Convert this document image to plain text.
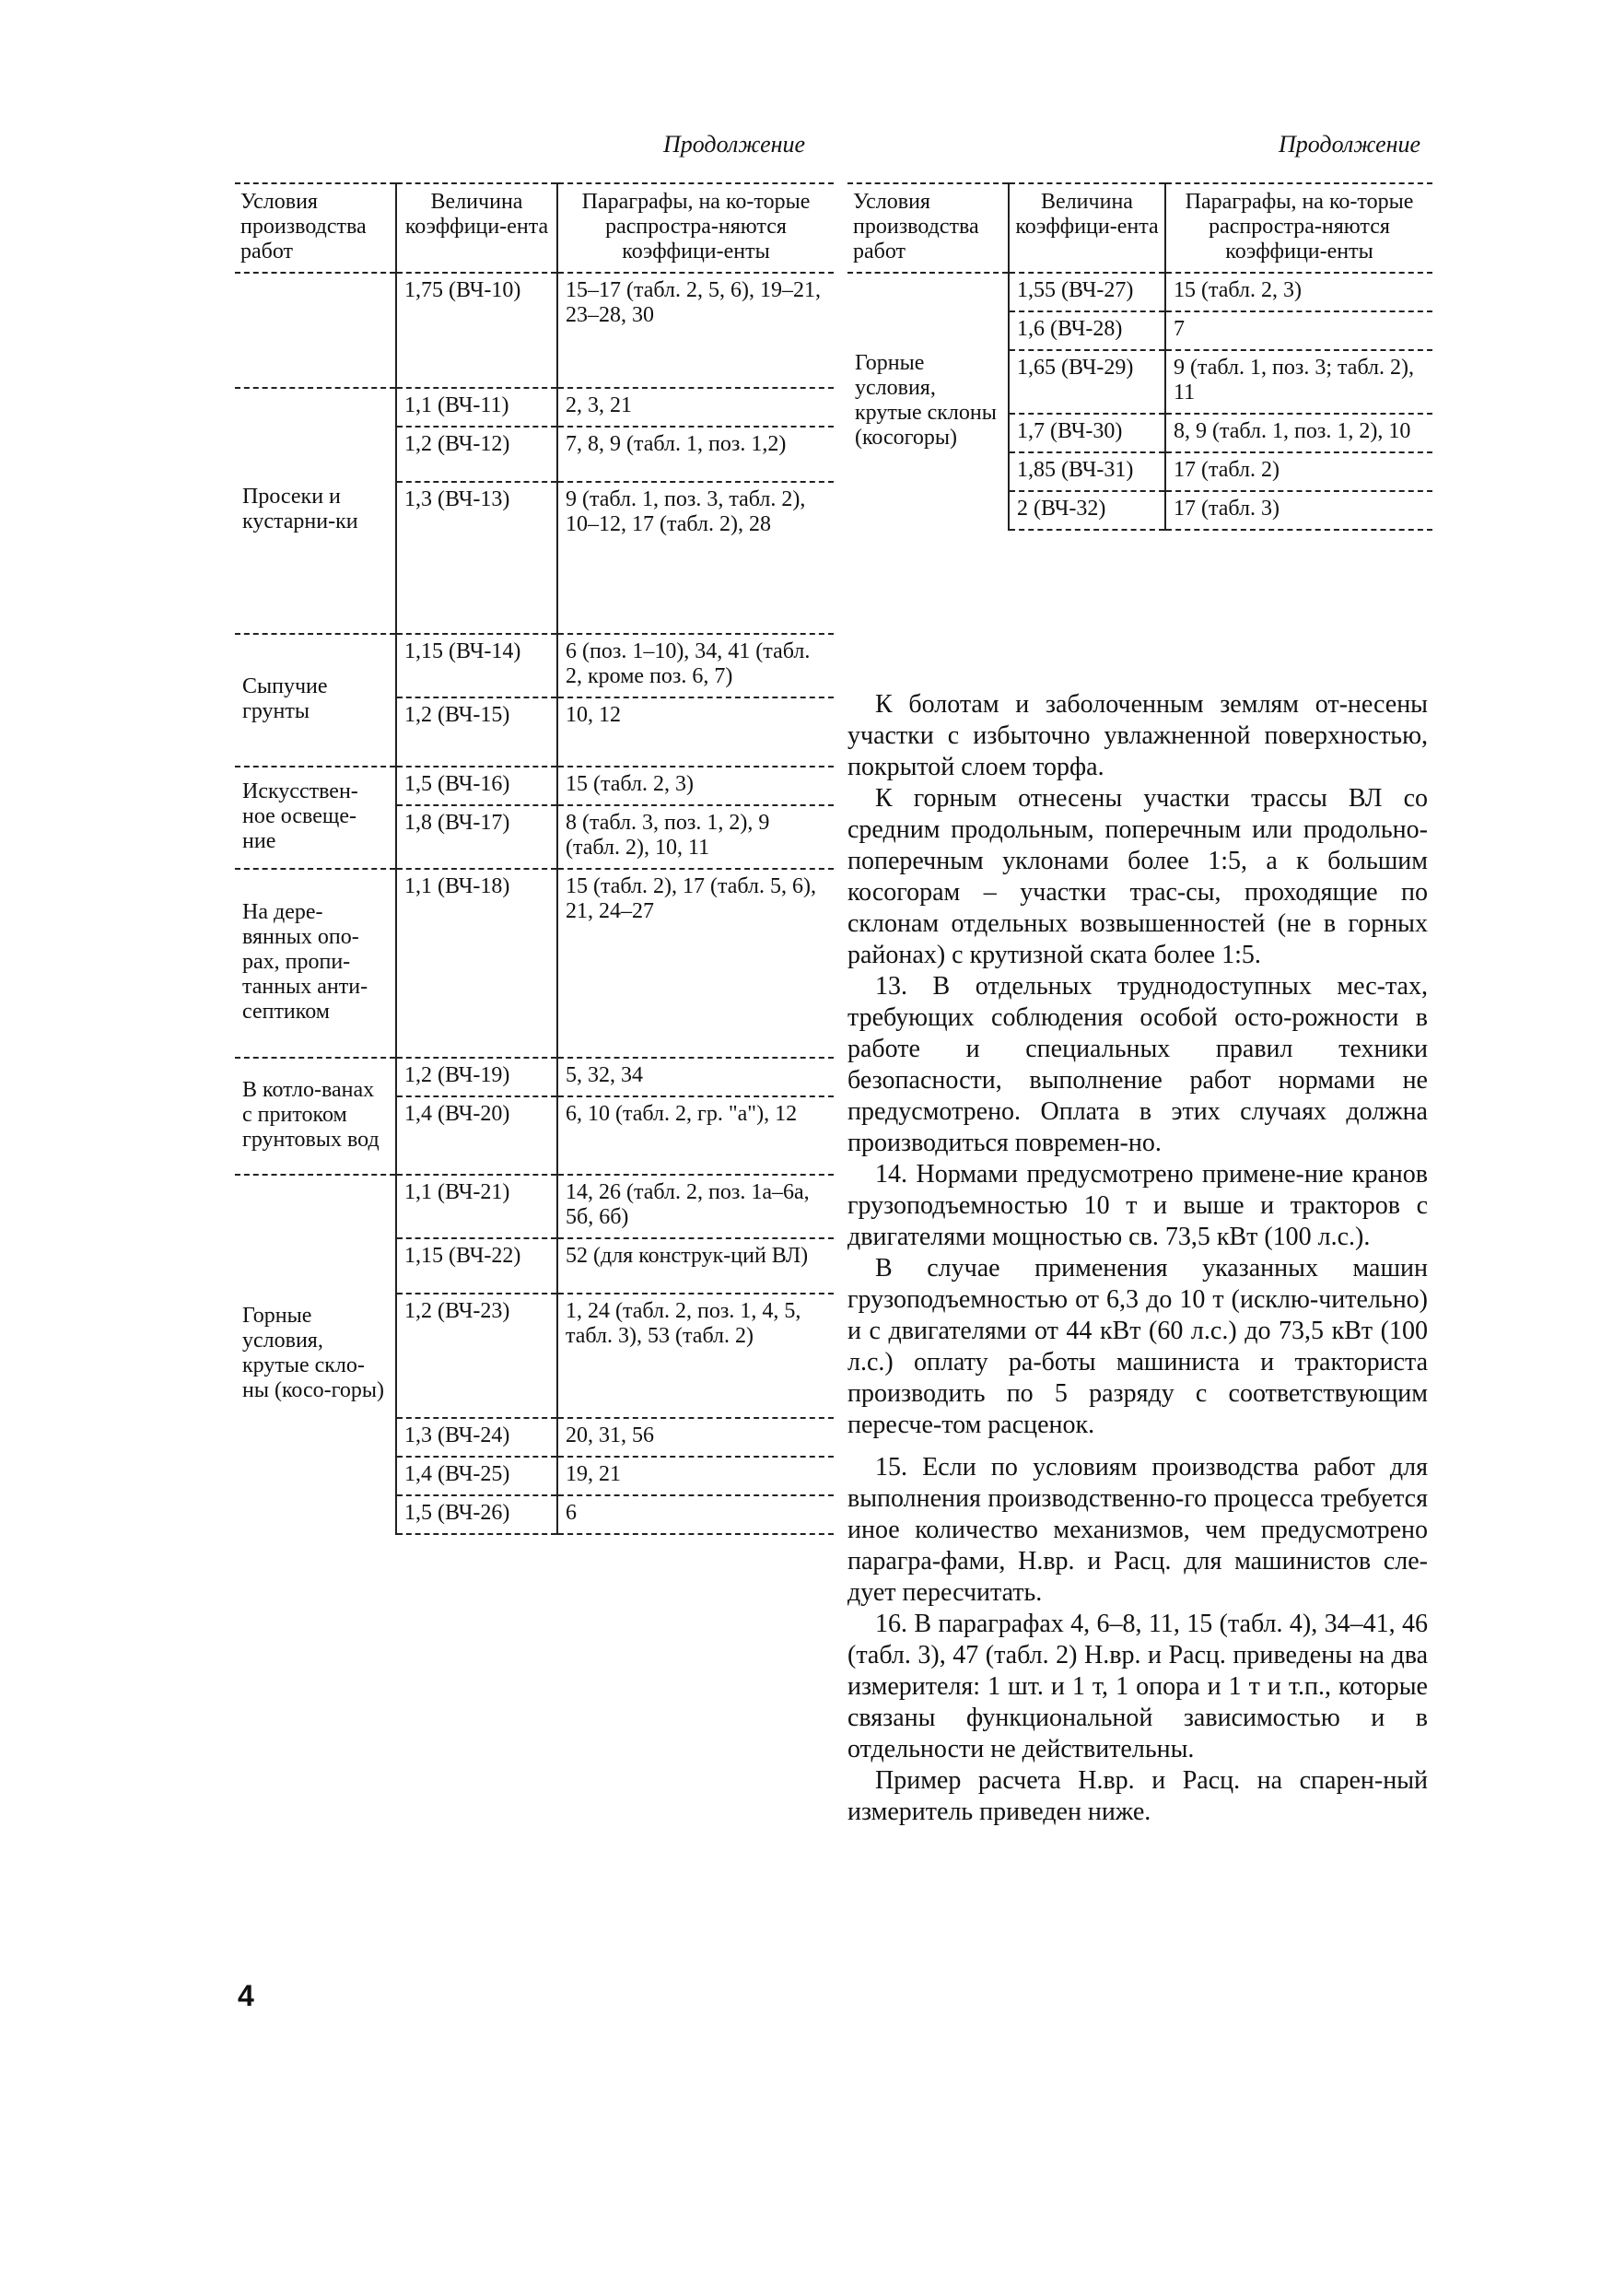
Продолжение	Продолжение
Условия производства работ	Величина коэффици-ента	Параграфы, на ко-торые распростра-няются коэффици-енты
	1,75 (ВЧ-10)	15–17 (табл. 2, 5, 6), 19–21, 23–28, 30
Просеки и кустарни-ки	1,1 (ВЧ-11)	2, 3, 21
	1,2 (ВЧ-12)	7, 8, 9 (табл. 1, поз. 1,2)
	1,3 (ВЧ-13)	9 (табл. 1, поз. 3, табл. 2), 10–12, 17 (табл. 2), 28
Сыпучие грунты	1,15 (ВЧ-14)	6 (поз. 1–10), 34, 41 (табл. 2, кроме поз. 6, 7)
	1,2 (ВЧ-15)	10, 12
Искусствен-ное освеще-ние	1,5 (ВЧ-16)	15 (табл. 2, 3)
	1,8 (ВЧ-17)	8 (табл. 3, поз. 1, 2), 9 (табл. 2), 10, 11
На дере-вянных опо-рах, пропи-танных анти-септиком	1,1 (ВЧ-18)	15 (табл. 2), 17 (табл. 5, 6), 21, 24–27
В котло-ванах с притоком грунтовых вод	1,2 (ВЧ-19)	5, 32, 34
	1,4 (ВЧ-20)	6, 10 (табл. 2, гр. "а"), 12
Горные условия, крутые скло-ны (косо-горы)	1,1 (ВЧ-21)	14, 26 (табл. 2, поз. 1а–6а, 5б, 6б)
	1,15 (ВЧ-22)	52 (для конструк-ций ВЛ)
	1,2 (ВЧ-23)	1, 24 (табл. 2, поз. 1, 4, 5, табл. 3), 53 (табл. 2)
	1,3 (ВЧ-24)	20, 31, 56
	1,4 (ВЧ-25)	19, 21
	1,5 (ВЧ-26)	6
Условия производства работ	Величина коэффици-ента	Параграфы, на ко-торые распростра-няются коэффици-енты
Горные условия, крутые склоны (косогоры)	1,55 (ВЧ-27)	15 (табл. 2, 3)
	1,6 (ВЧ-28)	7
	1,65 (ВЧ-29)	9 (табл. 1, поз. 3; табл. 2), 11
	1,7 (ВЧ-30)	8, 9 (табл. 1, поз. 1, 2), 10
	1,85 (ВЧ-31)	17 (табл. 2)
	2 (ВЧ-32)	17 (табл. 3)

К болотам и заболоченным землям от-несены участки с избыточно увлажненной поверхностью, покрытой слоем торфа.

К горным отнесены участки трассы ВЛ со средним продольным, поперечным или продольно-поперечным уклонами более 1:5, а к большим косогорам – участки трас-сы, проходящие по склонам отдельных возвышенностей (не в горных районах) с крутизной ската более 1:5.

13. В отдельных труднодоступных мес-тах, требующих соблюдения особой осто-рожности в работе и специальных правил техники безопасности, выполнение работ нормами не предусмотрено. Оплата в этих случаях должна производиться повремен-но.

14. Нормами предусмотрено примене-ние кранов грузоподъемностью 10 т и выше и тракторов с двигателями мощностью св. 73,5 кВт (100 л.с.).

В случае применения указанных машин грузоподъемностью от 6,3 до 10 т (исклю-чительно) и с двигателями от 44 кВт (60 л.с.) до 73,5 кВт (100 л.с.) оплату ра-боты машиниста и тракториста производить по 5 разряду с соответствующим пересче-том расценок.

15. Если по условиям производства работ для выполнения производственно-го процесса требуется иное количество механизмов, чем предусмотрено парагра-фами, Н.вр. и Расц. для машинистов сле-дует пересчитать.

16. В параграфах 4, 6–8, 11, 15 (табл. 4), 34–41, 46 (табл. 3), 47 (табл. 2) Н.вр. и Расц. приведены на два измерителя: 1 шт. и 1 т, 1 опора и 1 т и т.п., которые связаны функциональной зависимостью и в отдельности не действительны.

Пример расчета Н.вр. и Расц. на спарен-ный измеритель приведен ниже.

4
